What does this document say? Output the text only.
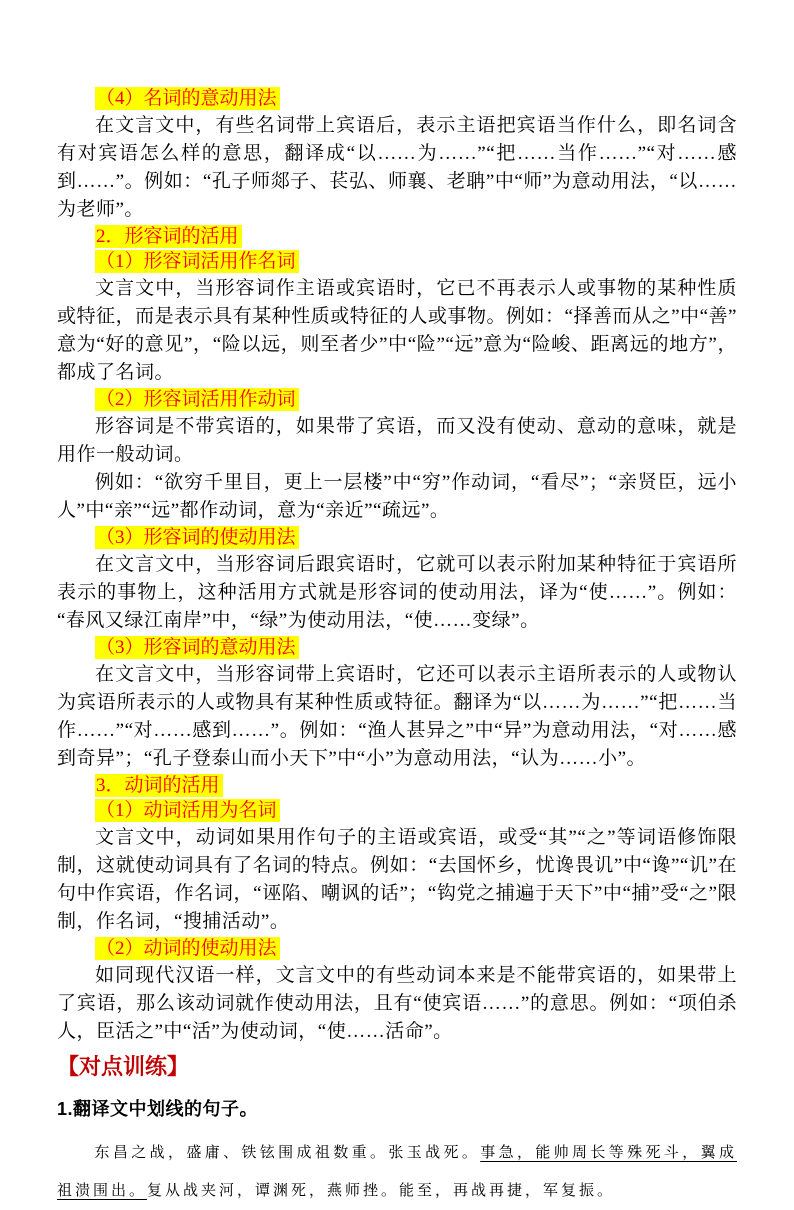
（4）名词的意动用法

在文言文中，有些名词带上宾语后，表示主语把宾语当作什么，即名词含有对宾语怎么样的意思，翻译成“以……为……”“把……当作……”“对……感到……”。例如：“孔子师郯子、苌弘、师襄、老聃”中“师”为意动用法，“以……为老师”。

2．形容词的活用
（1）形容词活用作名词

文言文中，当形容词作主语或宾语时，它已不再表示人或事物的某种性质或特征，而是表示具有某种性质或特征的人或事物。例如：“择善而从之”中“善”意为“好的意见”，“险以远，则至者少”中“险”“远”意为“险峻、距离远的地方”，都成了名词。

（2）形容词活用作动词

形容词是不带宾语的，如果带了宾语，而又没有使动、意动的意味，就是用作一般动词。

例如：“欲穷千里目，更上一层楼”中“穷”作动词，“看尽”；“亲贤臣，远小人”中“亲”“远”都作动词，意为“亲近”“疏远”。

（3）形容词的使动用法

在文言文中，当形容词后跟宾语时，它就可以表示附加某种特征于宾语所表示的事物上，这种活用方式就是形容词的使动用法，译为“使……”。例如：“春风又绿江南岸”中，“绿”为使动用法，“使……变绿”。

（3）形容词的意动用法

在文言文中，当形容词带上宾语时，它还可以表示主语所表示的人或物认为宾语所表示的人或物具有某种性质或特征。翻译为“以……为……”“把……当作……”“对……感到……”。例如：“渔人甚异之”中“异”为意动用法，“对……感到奇异”；“孔子登泰山而小天下”中“小”为意动用法，“认为……小”。

3．动词的活用
（1）动词活用为名词

文言文中，动词如果用作句子的主语或宾语，或受“其”“之”等词语修饰限制，这就使动词具有了名词的特点。例如：“去国怀乡，忧谗畏讥”中“谗”“讥”在句中作宾语，作名词，“诬陷、嘲讽的话”；“钩党之捕遍于天下”中“捕”受“之”限制，作名词，“搜捕活动”。

（2）动词的使动用法

如同现代汉语一样，文言文中的有些动词本来是不能带宾语的，如果带上了宾语，那么该动词就作使动用法，且有“使宾语……”的意思。例如：“项伯杀人，臣活之”中“活”为使动词，“使……活命”。

【对点训练】

1.翻译文中划线的句子。

东昌之战，盛庸、铁铉围成祖数重。张玉战死。事急，能帅周长等殊死斗，翼成祖溃围出。复从战夹河，谭渊死，燕师挫。能至，再战再捷，军复振。
